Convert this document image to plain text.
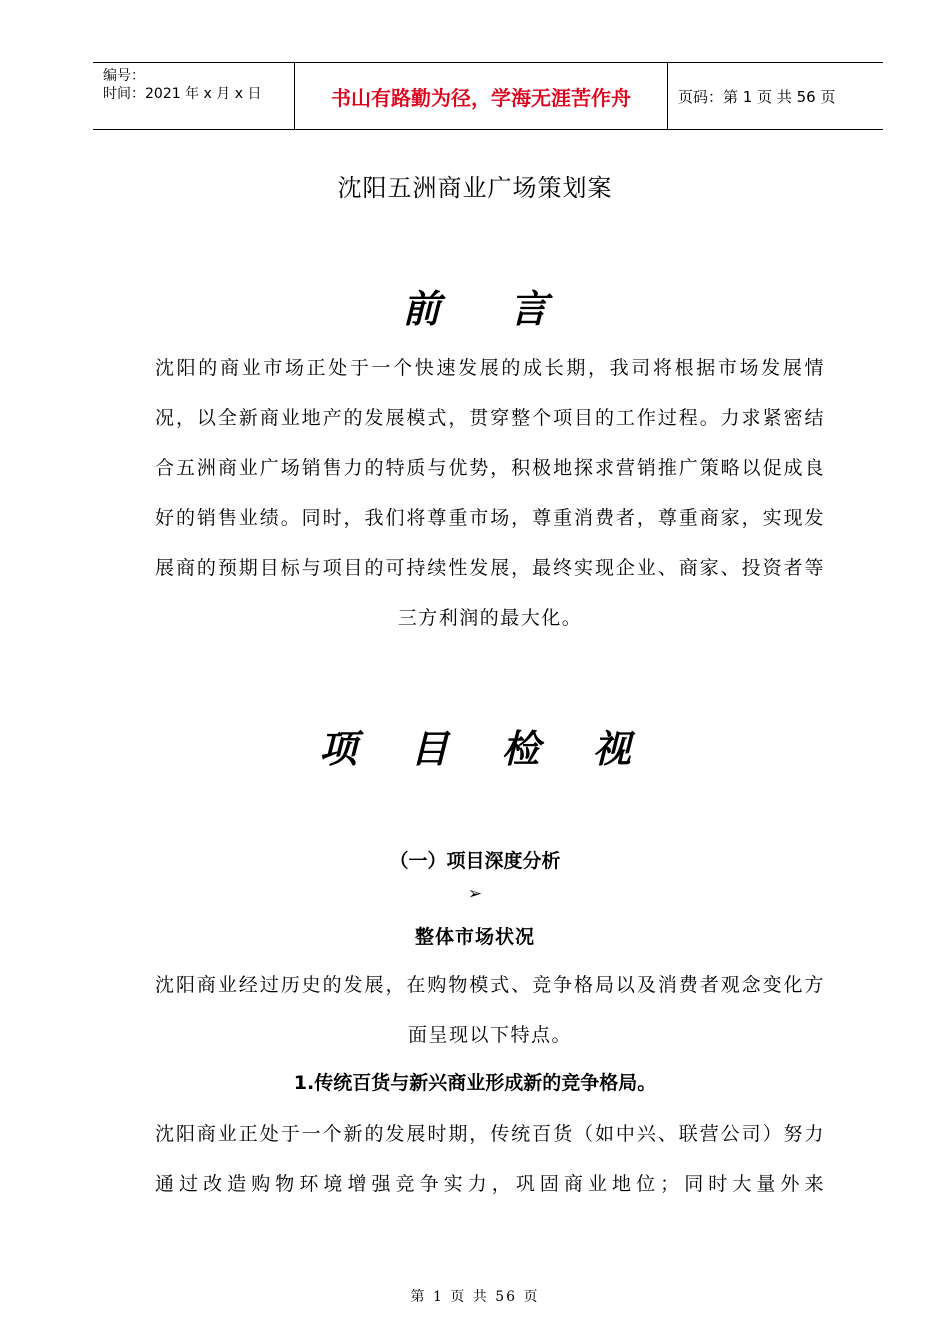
编号：
时间：2021 年 x 月 x 日	书山有路勤为径，学海无涯苦作舟	页码：第 1 页 共 56 页
沈阳五洲商业广场策划案
前 言
沈阳的商业市场正处于一个快速发展的成长期，我司将根据市场发展情况，以全新商业地产的发展模式，贯穿整个项目的工作过程。力求紧密结合五洲商业广场销售力的特质与优势，积极地探求营销推广策略以促成良好的销售业绩。同时，我们将尊重市场，尊重消费者，尊重商家，实现发展商的预期目标与项目的可持续性发展，最终实现企业、商家、投资者等三方利润的最大化。
项 目 检 视
（一）项目深度分析
➢
整体市场状况
沈阳商业经过历史的发展，在购物模式、竞争格局以及消费者观念变化方面呈现以下特点。
1.传统百货与新兴商业形成新的竞争格局。
沈阳商业正处于一个新的发展时期，传统百货（如中兴、联营公司）努力通过改造购物环境增强竞争实力，巩固商业地位；同时大量外来
第 1 页 共 56 页
